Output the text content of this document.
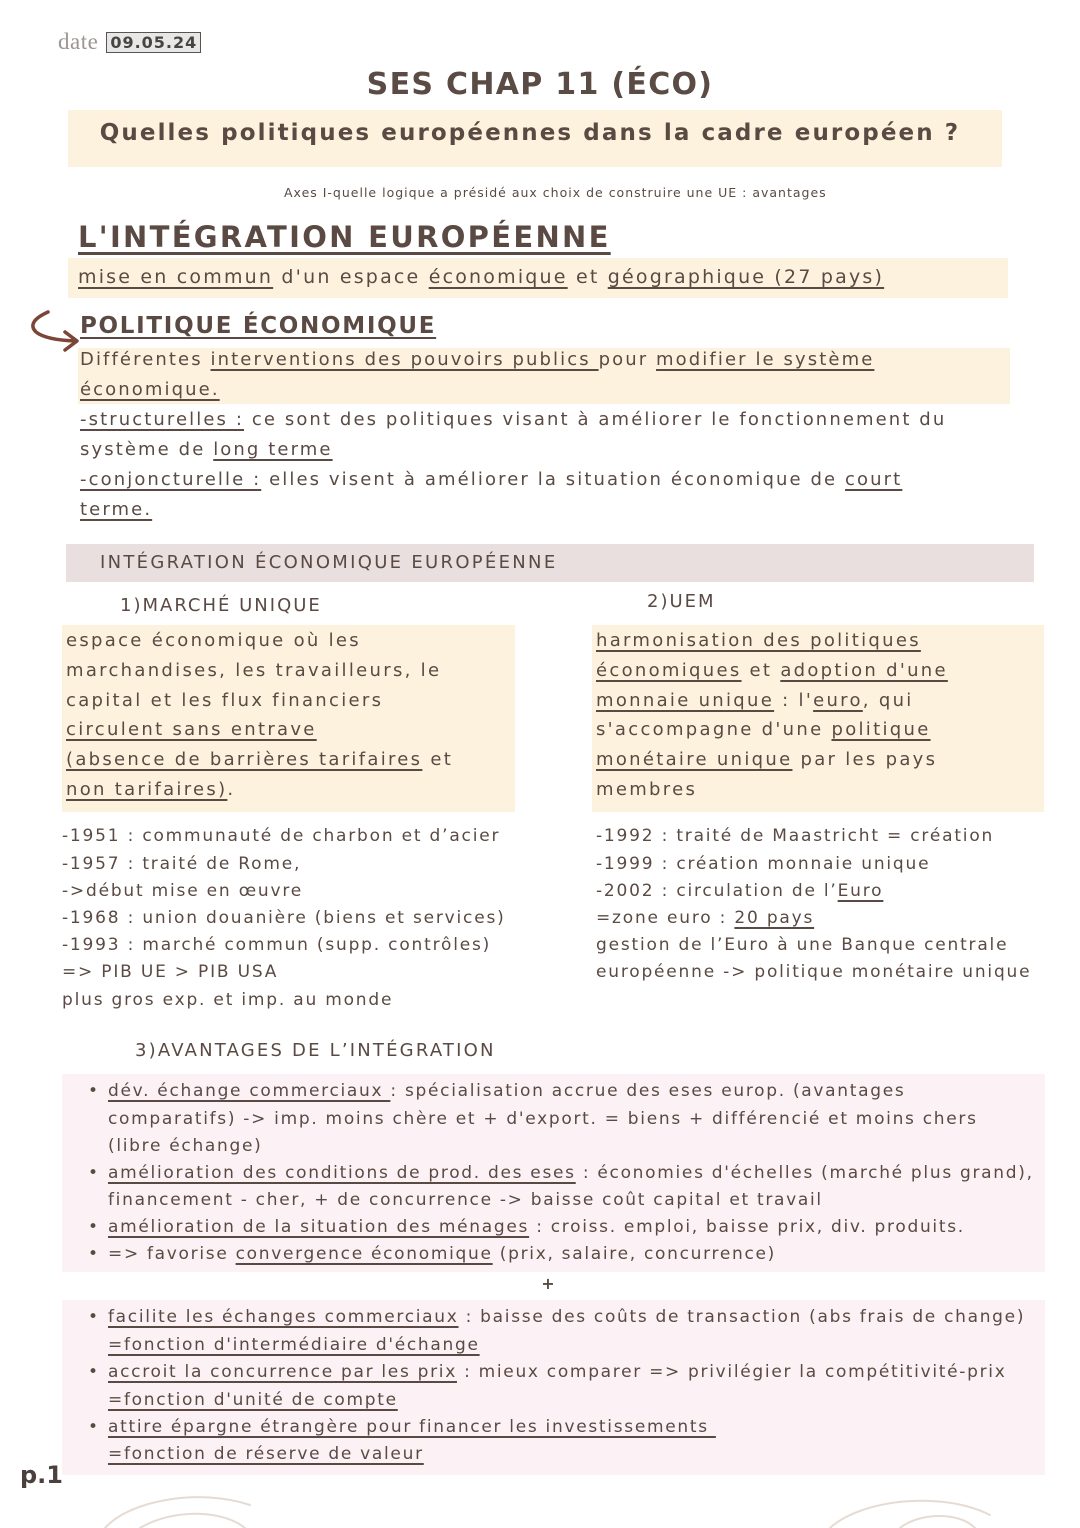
date 09.05.24
SES CHAP 11 (ÉCO)
Quelles politiques européennes dans la cadre européen ?
Axes I-quelle logique a présidé aux choix de construire une UE : avantages
L'INTÉGRATION EUROPÉENNE
mise en commun d'un espace économique et géographique (27 pays)
POLITIQUE ÉCONOMIQUE
Différentes interventions des pouvoirs publics pour modifier le système
économique.
-structurelles : ce sont des politiques visant à améliorer le fonctionnement du
système de long terme
-conjoncturelle : elles visent à améliorer la situation économique de court
terme.
INTÉGRATION ÉCONOMIQUE EUROPÉENNE
1)MARCHÉ UNIQUE	2)UEM
espace économique où les
marchandises, les travailleurs, le
capital et les flux financiers
circulent sans entrave
(absence de barrières tarifaires et
non tarifaires).
harmonisation des politiques
économiques et adoption d'une
monnaie unique : l'euro, qui
s'accompagne d'une politique
monétaire unique par les pays
membres
-1951 : communauté de charbon et d’acier
-1957 : traité de Rome,
->début mise en œuvre
-1968 : union douanière (biens et services)
-1993 : marché commun (supp. contrôles)
=> PIB UE > PIB USA
plus gros exp. et imp. au monde
-1992 : traité de Maastricht = création
-1999 : création monnaie unique
-2002 : circulation de l’Euro
=zone euro : 20 pays
gestion de l’Euro à une Banque centrale
européenne -> politique monétaire unique
3)AVANTAGES DE L’INTÉGRATION
• dév. échange commerciaux : spécialisation accrue des eses europ. (avantages
comparatifs) -> imp. moins chère et + d'export. = biens + différencié et moins chers
(libre échange)
• amélioration des conditions de prod. des eses : économies d'échelles (marché plus grand),
financement - cher, + de concurrence -> baisse coût capital et travail
• amélioration de la situation des ménages : croiss. emploi, baisse prix, div. produits.
• => favorise convergence économique (prix, salaire, concurrence)
+
• facilite les échanges commerciaux : baisse des coûts de transaction (abs frais de change)
=fonction d'intermédiaire d'échange
• accroit la concurrence par les prix : mieux comparer => privilégier la compétitivité-prix
=fonction d'unité de compte
• attire épargne étrangère pour financer les investissements
=fonction de réserve de valeur
p.1
